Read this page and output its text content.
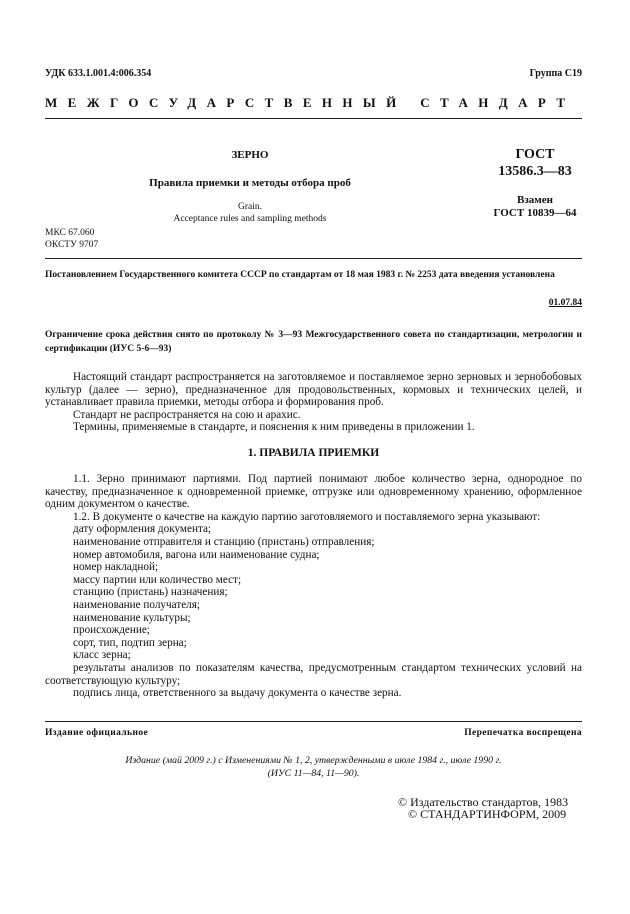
УДК 633.1.001.4:006.354	Группа С19
МЕЖГОСУДАРСТВЕННЫЙ СТАНДАРТ
ЗЕРНО
Правила приемки и методы отбора проб
Grain.
Acceptance rules and sampling methods
МКС 67.060
ОКСТУ 9707
ГОСТ
13586.3—83
Взамен
ГОСТ 10839—64
Постановлением Государственного комитета СССР по стандартам от 18 мая 1983 г. № 2253 дата введения установлена
01.07.84
Ограничение срока действия снято по протоколу № 3—93 Межгосударственного совета по стандартизации, метрологии и сертификации (ИУС 5-6—93)

Настоящий стандарт распространяется на заготовляемое и поставляемое зерно зерновых и зернобобовых культур (далее — зерно), предназначенное для продовольственных, кормовых и технических целей, и устанавливает правила приемки, методы отбора и формирования проб.

Стандарт не распространяется на сою и арахис.

Термины, применяемые в стандарте, и пояснения к ним приведены в приложении 1.

1. ПРАВИЛА ПРИЕМКИ

1.1. Зерно принимают партиями. Под партией понимают любое количество зерна, однородное по качеству, предназначенное к одновременной приемке, отгрузке или одновременному хранению, оформленное одним документом о качестве.

1.2. В документе о качестве на каждую партию заготовляемого и поставляемого зерна указывают:

дату оформления документа;

наименование отправителя и станцию (пристань) отправления;

номер автомобиля, вагона или наименование судна;

номер накладной;

массу партии или количество мест;

станцию (пристань) назначения;

наименование получателя;

наименование культуры;

происхождение;

сорт, тип, подтип зерна;

класс зерна;

результаты анализов по показателям качества, предусмотренным стандартом технических условий на соответствующую культуру;

подпись лица, ответственного за выдачу документа о качестве зерна.

Издание официальное	Перепечатка воспрещена
Издание (май 2009 г.) с Изменениями № 1, 2, утвержденными в июле 1984 г., июле 1990 г.
(ИУС 11—84, 11—90).
© Издательство стандартов, 1983
© СТАНДАРТИНФОРМ, 2009
